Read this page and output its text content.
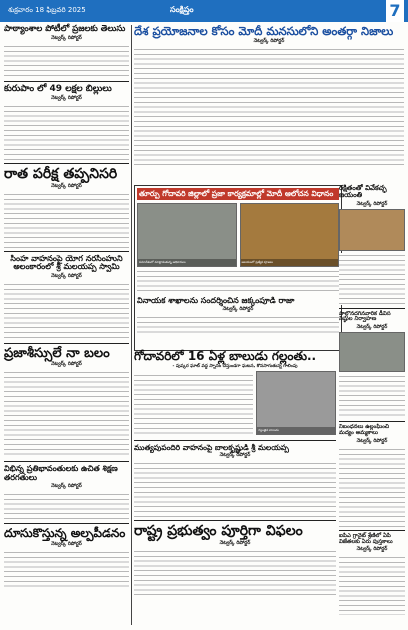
శుక్రవారం 18 ఫిబ్రవరి 2025	సంక్షిప్తం	7
పాఠ్యాంశాల పోటీలో ప్రజలకు తెలుసు
నెట్వర్క్ రిపోర్టర్
కురుపాం లో 49 లక్షల బిల్లులు
నెట్వర్క్ రిపోర్టర్
రాత పరీక్ష తప్పనిసరి
నెట్వర్క్ రిపోర్టర్
సింహ వాహనంపై యోగ నరసింహుని అలంకారంలో శ్రీ మలయప్ప స్వామి
నెట్వర్క్ రిపోర్టర్
ప్రజాశీస్సులే నా బలం
నెట్వర్క్ రిపోర్టర్
విభిన్న ప్రతిభావంతులకు ఉచిత శిక్షణ తరగతులు
నెట్వర్క్ రిపోర్టర్
దూసుకొస్తున్న అల్పపీడనం
నెట్వర్క్ రిపోర్టర్
దేశ ప్రయోజనాల కోసం మోదీ మనసులోని అంతర్గా నిజాలు
నెట్వర్క్ రిపోర్టర్
తూర్పు గోదావరి జిల్లాలో ప్రజా కార్యక్రమాల్లో మోదీ ఆలోచన విధానం
సమావేశంలో మాట్లాడుతున్న అధికారులు	ఆలయంలో ప్రత్యేక పూజలు
వినాయక శాఖాలను సందర్శించిన జక్కంపూడి రాజా
నెట్వర్క్ రిపోర్టర్
రక్షితంతో వివేకచ్ఛ జయంతి
నెట్వర్క్ రిపోర్టర్
పాల్గొనదగినవారిక డీవిస నిష్ఠుల నిర్వాహణ
నెట్వర్క్ రిపోర్టర్
నిబంధనలు ఉల్లంఘించి మద్యం అమ్మకాలు
నెట్వర్క్ రిపోర్టర్
ఐపిఎ గ్రానైట్ శ్రేణిలో ఏపి విజేతలకు ఏరు పుస్తకాలు
నెట్వర్క్ రిపోర్టర్
గోదావరిలో 16 ఏళ్ల బాలుడు గల్లంతు..
- పుష్కర ఘాట్ వద్ద స్నానం చేస్తుండగా ఘటన, కొనసాగుతున్న గాలింపు
గల్లంతైన బాలుడు
ముత్యపుపందిరి వాహనంపై బాలకృష్ణుడి శ్రీ మలయప్ప
నెట్వర్క్ రిపోర్టర్
రాష్ట్ర ప్రభుత్వం పూర్తిగా విఫలం
నెట్వర్క్ రిపోర్టర్
